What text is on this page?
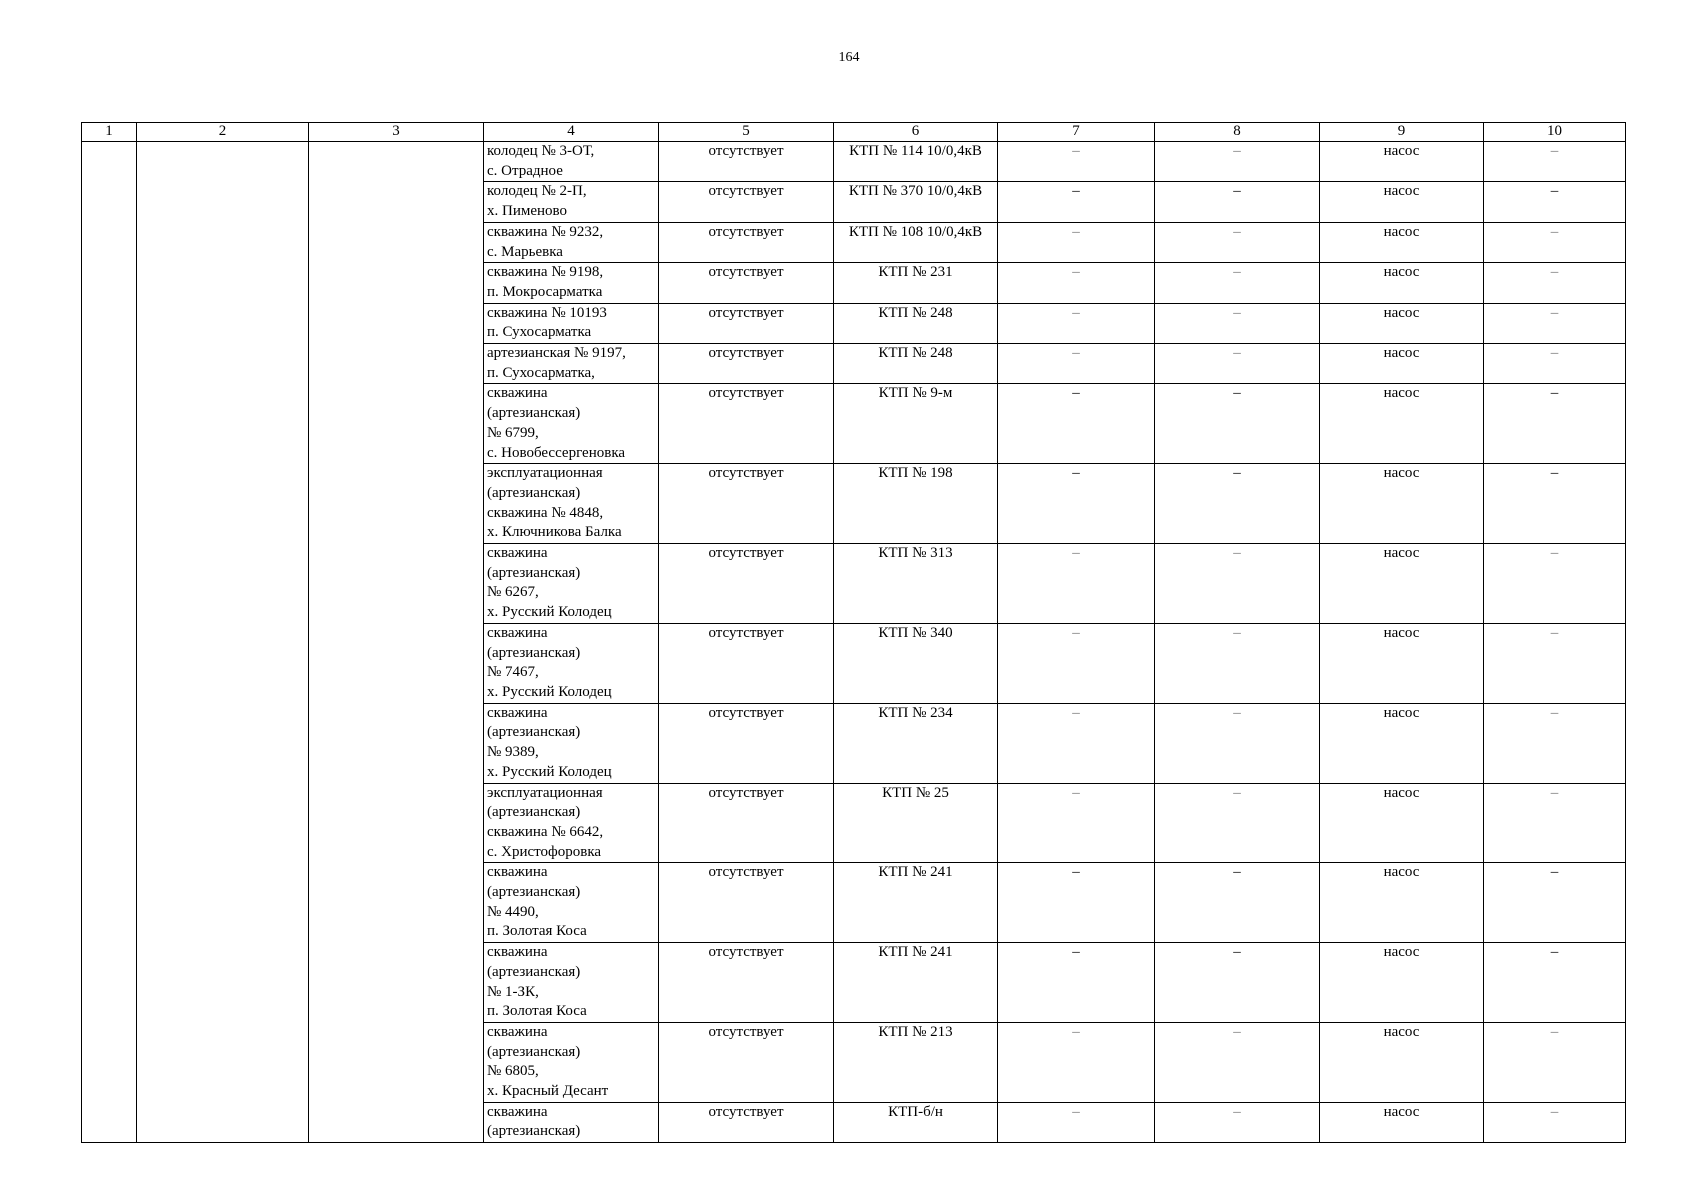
164
1	2	3	4	5	6	7	8	9	10

			колодец № 3-ОТ,
с. Отрадное	отсутствует	КТП № 114 10/0,4кВ	–	–	насос	–

			колодец № 2-П,
х. Пименово	отсутствует	КТП № 370 10/0,4кВ	–	–	насос	–

			скважина № 9232,
с. Марьевка	отсутствует	КТП № 108 10/0,4кВ	–	–	насос	–

			скважина № 9198,
п. Мокросарматка	отсутствует	КТП № 231	–	–	насос	–

			скважина № 10193
п. Сухосарматка	отсутствует	КТП № 248	–	–	насос	–

			артезианская № 9197,
п. Сухосарматка,	отсутствует	КТП № 248	–	–	насос	–

			скважина
(артезианская)
№ 6799,
с. Новобессергеновка	отсутствует	КТП № 9-м	–	–	насос	–

			эксплуатационная
(артезианская)
скважина № 4848,
х. Ключникова Балка	отсутствует	КТП № 198	–	–	насос	–

			скважина
(артезианская)
№ 6267,
х. Русский Колодец	отсутствует	КТП № 313	–	–	насос	–

			скважина
(артезианская)
№ 7467,
х. Русский Колодец	отсутствует	КТП № 340	–	–	насос	–

			скважина
(артезианская)
№ 9389,
х. Русский Колодец	отсутствует	КТП № 234	–	–	насос	–

			эксплуатационная
(артезианская)
скважина № 6642,
с. Христофоровка	отсутствует	КТП № 25	–	–	насос	–

			скважина
(артезианская)
№ 4490,
п. Золотая Коса	отсутствует	КТП № 241	–	–	насос	–

			скважина
(артезианская)
№ 1-ЗК,
п. Золотая Коса	отсутствует	КТП № 241	–	–	насос	–

			скважина
(артезианская)
№ 6805,
х. Красный Десант	отсутствует	КТП № 213	–	–	насос	–

			скважина
(артезианская)	отсутствует	КТП-б/н	–	–	насос	–
